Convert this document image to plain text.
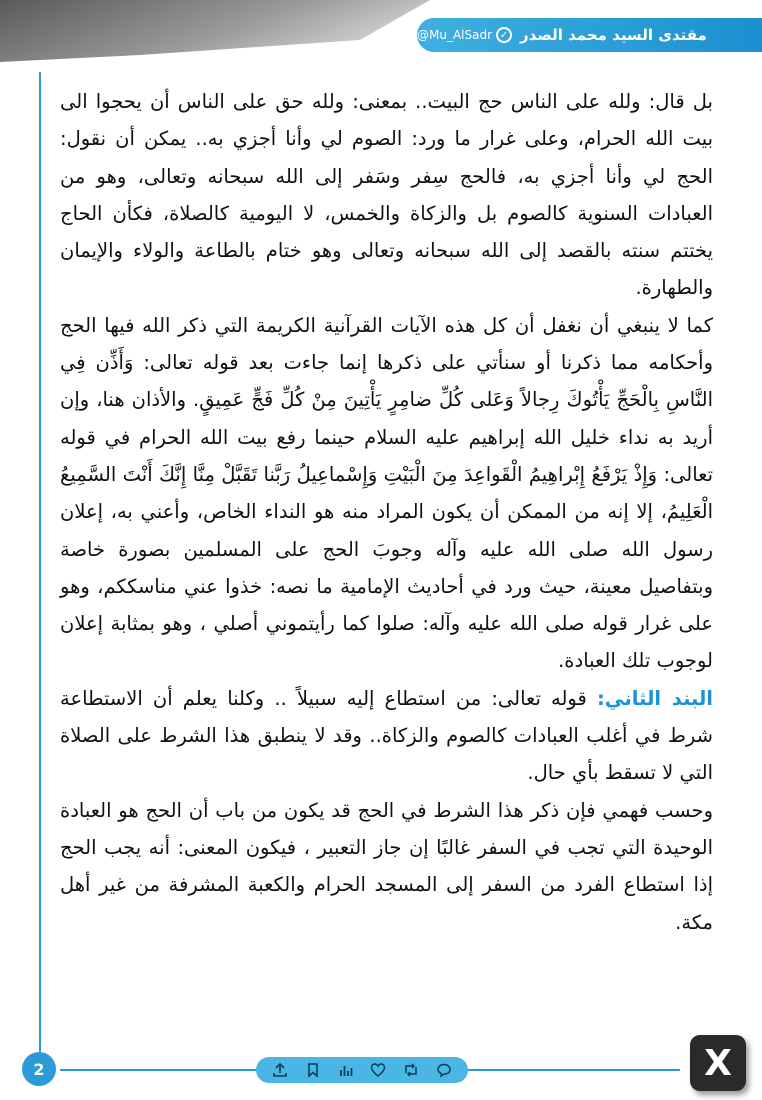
مقتدى السيد محمد الصدر
✓
@Mu_AlSadr

بل قال: ولله على الناس حج البيت.. بمعنى: ولله حق على الناس أن يحجوا الى بيت الله الحرام، وعلى غرار ما ورد: الصوم لي وأنا أجزي به.. يمكن أن نقول: الحج لي وأنا أجزي به، فالحج سِفر وسَفر إلى الله سبحانه وتعالى، وهو من العبادات السنوية كالصوم بل والزكاة والخمس، لا اليومية كالصلاة، فكأن الحاج يختتم سنته بالقصد إلى الله سبحانه وتعالى وهو ختام بالطاعة والولاء والإيمان والطهارة.

كما لا ينبغي أن نغفل أن كل هذه الآيات القرآنية الكريمة التي ذكر الله فيها الحج وأحكامه مما ذكرنا أو سنأتي على ذكرها إنما جاءت بعد قوله تعالى: وَأَذِّن فِي النَّاسِ بِالْحَجِّ يَأْتُوكَ رِجالاً وَعَلى كُلِّ ضامِرٍ يَأْتِينَ مِنْ كُلِّ فَجٍّ عَمِيقٍ. والأذان هنا، وإن أريد به نداء خليل الله إبراهيم عليه السلام حينما رفع بيت الله الحرام في قوله تعالى: وَإِذْ يَرْفَعُ إِبْراهِيمُ الْقَواعِدَ مِنَ الْبَيْتِ وَإِسْماعِيلُ رَبَّنا تَقَبَّلْ مِنَّا إِنَّكَ أَنْتَ السَّمِيعُ الْعَلِيمُ، إلا إنه من الممكن أن يكون المراد منه هو النداء الخاص، وأعني به، إعلان رسول الله صلى الله عليه وآله وجوبَ الحج على المسلمين بصورة خاصة وبتفاصيل معينة، حيث ورد في أحاديث الإمامية ما نصه: خذوا عني مناسككم، وهو على غرار قوله صلى الله عليه وآله: صلوا كما رأيتموني أصلي ، وهو بمثابة إعلان لوجوب تلك العبادة.

البند الثاني: قوله تعالى: من استطاع إليه سبيلاً .. وكلنا يعلم أن الاستطاعة شرط في أغلب العبادات كالصوم والزكاة.. وقد لا ينطبق هذا الشرط على الصلاة التي لا تسقط بأي حال.

وحسب فهمي فإن ذكر هذا الشرط في الحج قد يكون من باب أن الحج هو العبادة الوحيدة التي تجب في السفر غالبًا إن جاز التعبير ، فيكون المعنى: أنه يجب الحج إذا استطاع الفرد من السفر إلى المسجد الحرام والكعبة المشرفة من غير أهل مكة.

2	X
